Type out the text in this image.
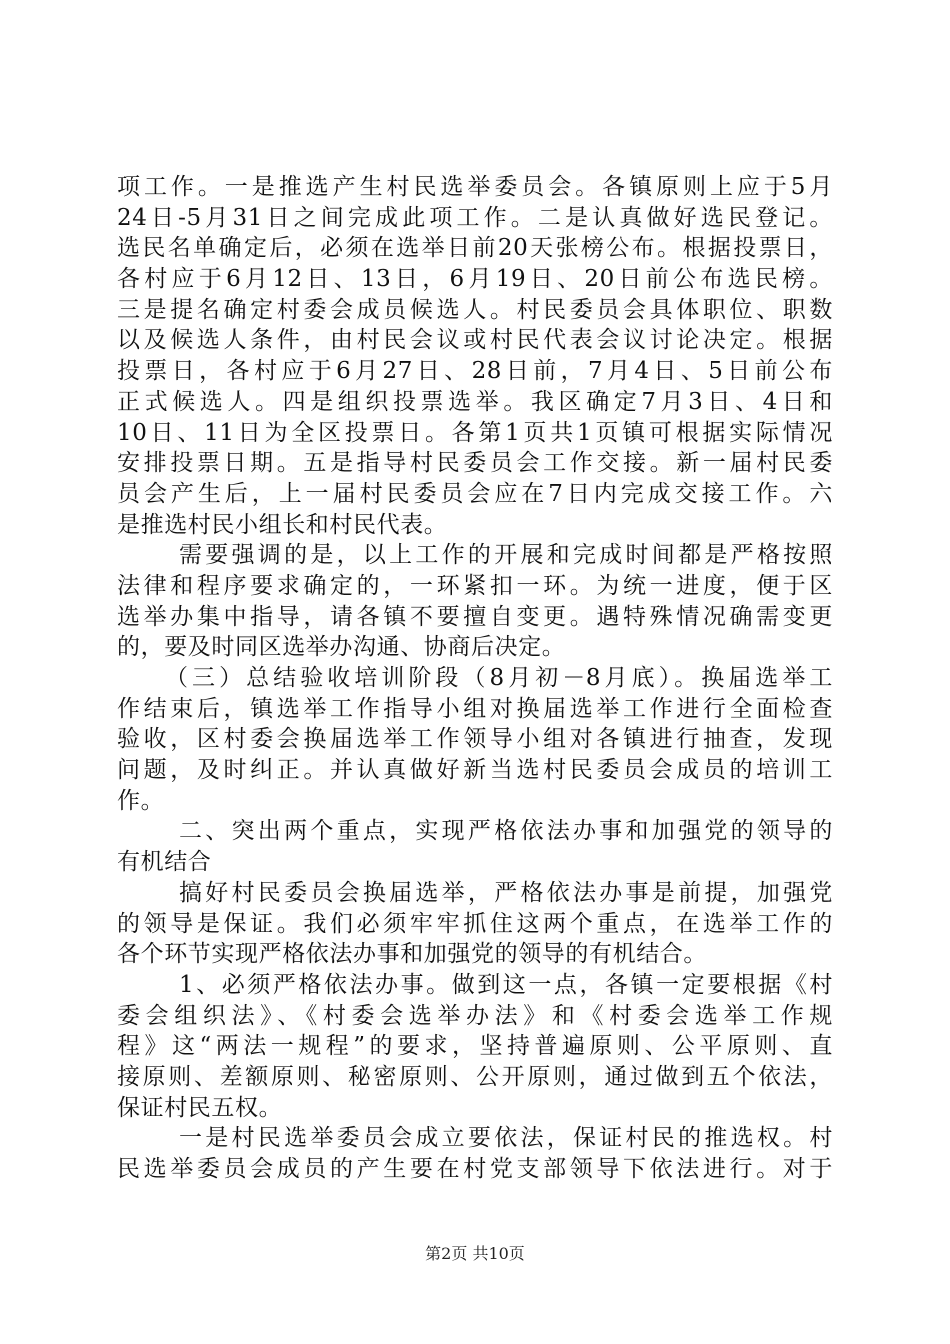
项工作。一是推选产生村民选举委员会。各镇原则上应于5月
24日-5月31日之间完成此项工作。二是认真做好选民登记。
选民名单确定后，必须在选举日前20天张榜公布。根据投票日，
各村应于6月12日、13日，6月19日、20日前公布选民榜。
三是提名确定村委会成员候选人。村民委员会具体职位、职数
以及候选人条件，由村民会议或村民代表会议讨论决定。根据
投票日，各村应于6月27日、28日前，7月4日、5日前公布
正式候选人。四是组织投票选举。我区确定7月3日、4日和
10日、11日为全区投票日。各第1页共1页镇可根据实际情况
安排投票日期。五是指导村民委员会工作交接。新一届村民委
员会产生后，上一届村民委员会应在7日内完成交接工作。六
是推选村民小组长和村民代表。
需要强调的是，以上工作的开展和完成时间都是严格按照
法律和程序要求确定的，一环紧扣一环。为统一进度，便于区
选举办集中指导，请各镇不要擅自变更。遇特殊情况确需变更
的，要及时同区选举办沟通、协商后决定。
（三）总结验收培训阶段（8月初－8月底）。换届选举工
作结束后，镇选举工作指导小组对换届选举工作进行全面检查
验收，区村委会换届选举工作领导小组对各镇进行抽查，发现
问题，及时纠正。并认真做好新当选村民委员会成员的培训工
作。
二、突出两个重点，实现严格依法办事和加强党的领导的
有机结合
搞好村民委员会换届选举，严格依法办事是前提，加强党
的领导是保证。我们必须牢牢抓住这两个重点，在选举工作的
各个环节实现严格依法办事和加强党的领导的有机结合。
1、必须严格依法办事。做到这一点，各镇一定要根据《村
委会组织法》、《村委会选举办法》和《村委会选举工作规
程》这“两法一规程”的要求，坚持普遍原则、公平原则、直
接原则、差额原则、秘密原则、公开原则，通过做到五个依法，
保证村民五权。
一是村民选举委员会成立要依法，保证村民的推选权。村
民选举委员会成员的产生要在村党支部领导下依法进行。对于
第2页 共10页
